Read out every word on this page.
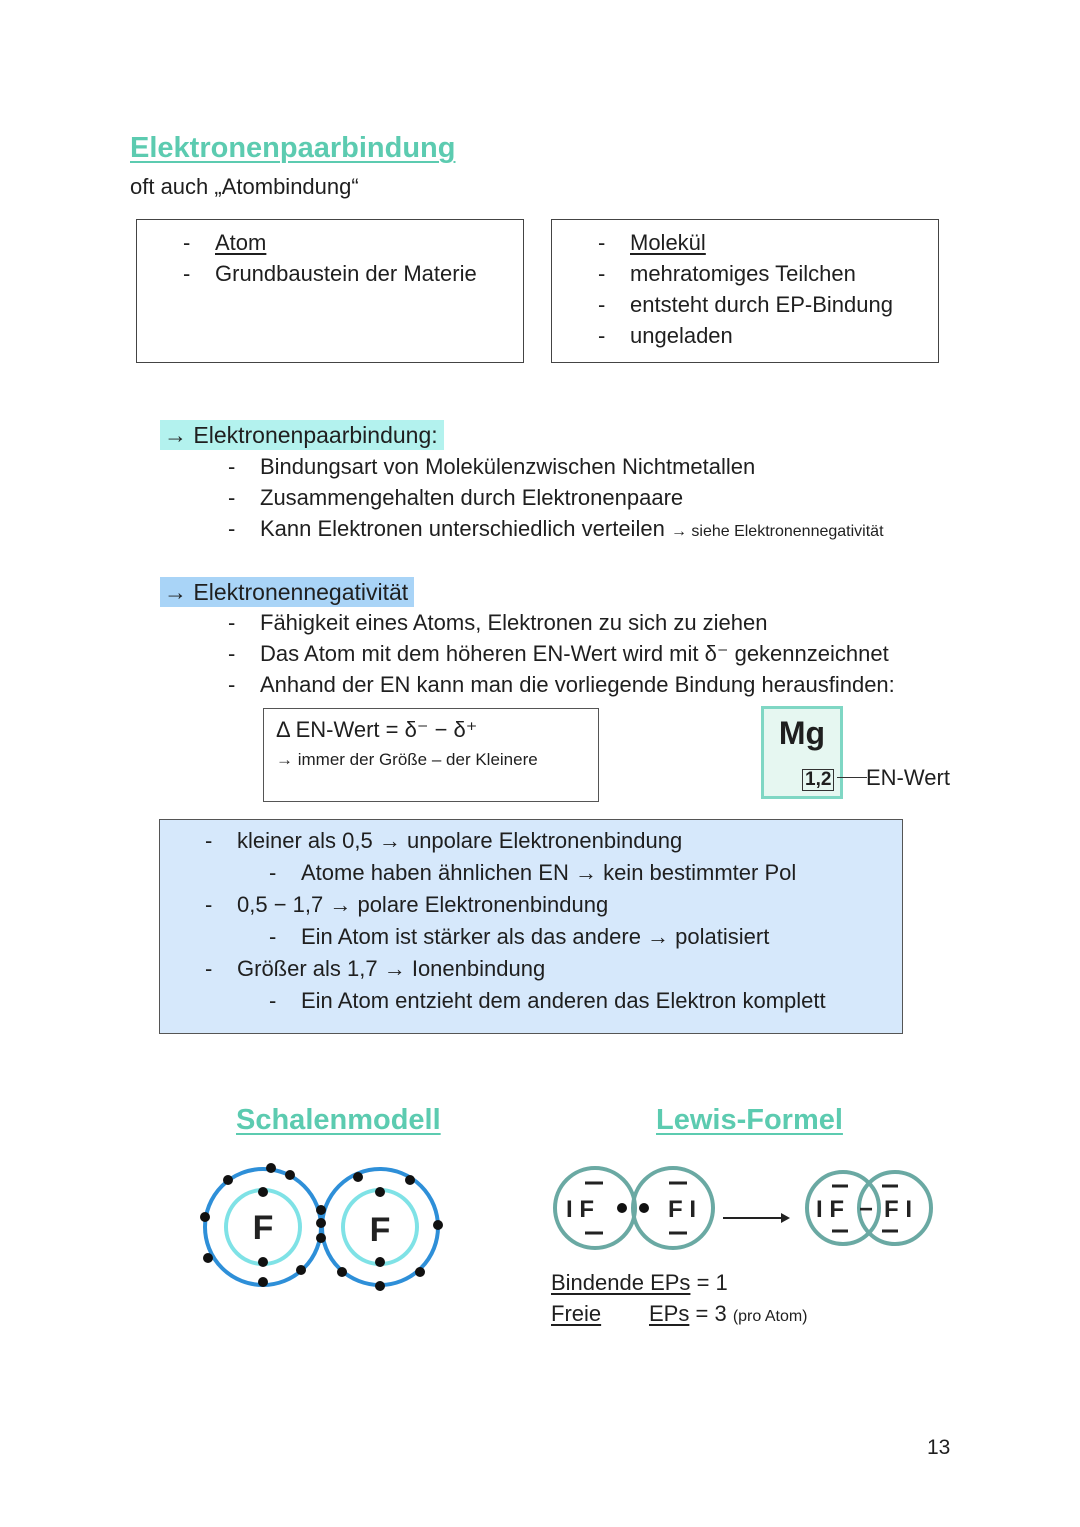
Elektronenpaarbindung
oft auch „Atombindung“
- Atom
- Grundbaustein der Materie
- Molekül
- mehratomiges Teilchen
- entsteht durch EP-Bindung
- ungeladen
→ Elektronenpaarbindung:
- Bindungsart von Molekülenzwischen Nichtmetallen
- Zusammengehalten durch Elektronenpaare
- Kann Elektronen unterschiedlich verteilen → siehe Elektronennegativität
→ Elektronennegativität
- Fähigkeit eines Atoms, Elektronen zu sich zu ziehen
- Das Atom mit dem höheren EN-Wert wird mit δ⁻ gekennzeichnet
- Anhand der EN kann man die vorliegende Bindung herausfinden:
Δ EN-Wert = δ⁻ − δ⁺
→ immer der Größe – der Kleinere
Mg
1,2 EN-Wert
- kleiner als 0,5 → unpolare Elektronenbindung
- Atome haben ähnlichen EN → kein bestimmter Pol
- 0,5 − 1,7 → polare Elektronenbindung
- Ein Atom ist stärker als das andere → polatisiert
- Größer als 1,7 → Ionenbindung
- Ein Atom entzieht dem anderen das Elektron komplett
Schalenmodell
F	F
Lewis-Formel
I F	F I	I F − F I
Bindende EPs = 1
Freie EPs = 3 (pro Atom)
13
